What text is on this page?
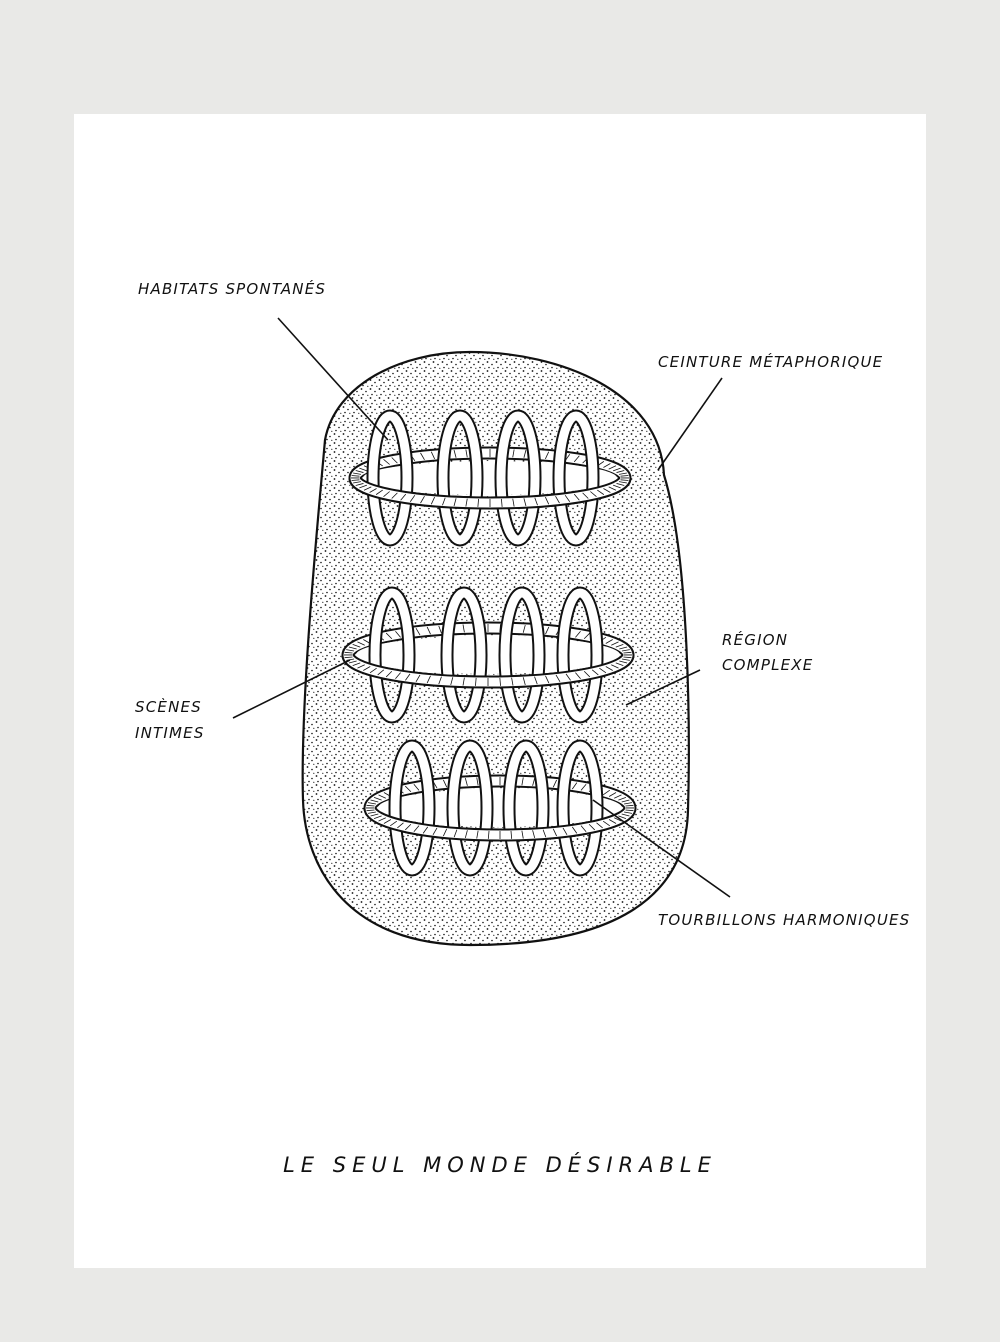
HABITATS SPONTANÉS
CEINTURE MÉTAPHORIQUE
RÉGION
COMPLEXE
SCÈNES
INTIMES
TOURBILLONS HARMONIQUES
LE SEUL MONDE DÉSIRABLE
